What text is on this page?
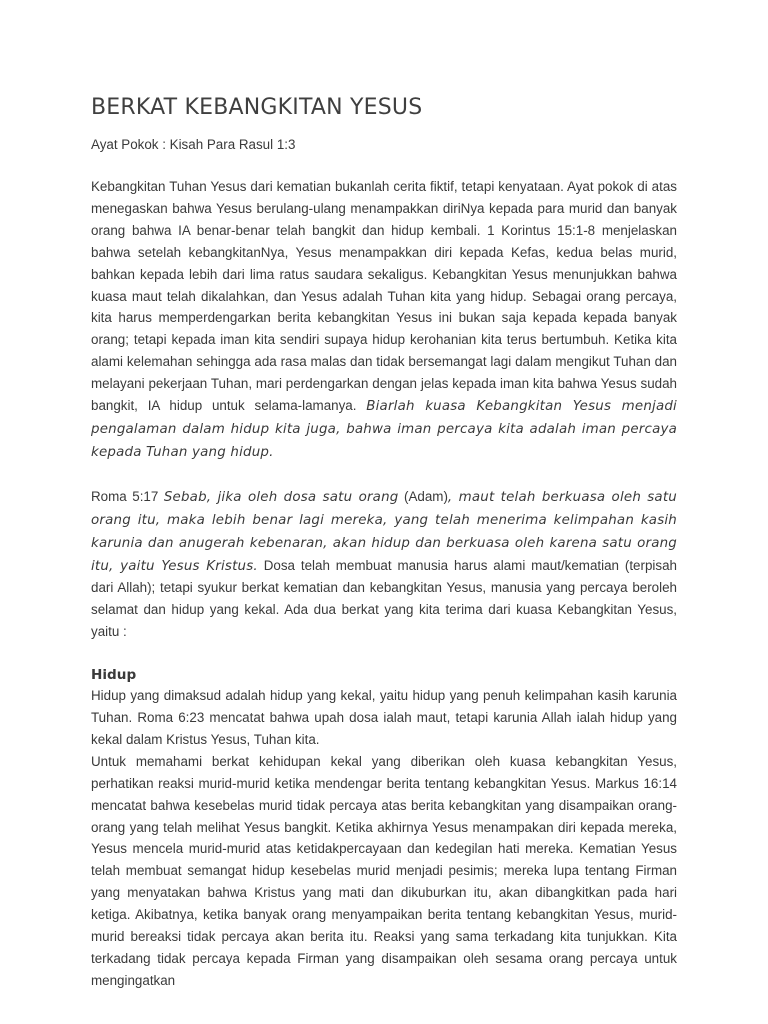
BERKAT KEBANGKITAN YESUS

Ayat Pokok : Kisah Para Rasul 1:3

Kebangkitan Tuhan Yesus dari kematian bukanlah cerita fiktif, tetapi kenyataan. Ayat pokok di atas menegaskan bahwa Yesus berulang-ulang menampakkan diriNya kepada para murid dan banyak orang bahwa IA benar-benar telah bangkit dan hidup kembali. 1 Korintus 15:1-8 menjelaskan bahwa setelah kebangkitanNya, Yesus menampakkan diri kepada Kefas, kedua belas murid, bahkan kepada lebih dari lima ratus saudara sekaligus. Kebangkitan Yesus menunjukkan bahwa kuasa maut telah dikalahkan, dan Yesus adalah Tuhan kita yang hidup. Sebagai orang percaya, kita harus memperdengarkan berita kebangkitan Yesus ini bukan saja kepada kepada banyak orang; tetapi kepada iman kita sendiri supaya hidup kerohanian kita terus bertumbuh. Ketika kita alami kelemahan sehingga ada rasa malas dan tidak bersemangat lagi dalam mengikut Tuhan dan melayani pekerjaan Tuhan, mari perdengarkan dengan jelas kepada iman kita bahwa Yesus sudah bangkit, IA hidup untuk selama-lamanya. Biarlah kuasa Kebangkitan Yesus menjadi pengalaman dalam hidup kita juga, bahwa iman percaya kita adalah iman percaya kepada Tuhan yang hidup.

Roma 5:17 Sebab, jika oleh dosa satu orang (Adam), maut telah berkuasa oleh satu orang itu, maka lebih benar lagi mereka, yang telah menerima kelimpahan kasih karunia dan anugerah kebenaran, akan hidup dan berkuasa oleh karena satu orang itu, yaitu Yesus Kristus. Dosa telah membuat manusia harus alami maut/kematian (terpisah dari Allah); tetapi syukur berkat kematian dan kebangkitan Yesus, manusia yang percaya beroleh selamat dan hidup yang kekal. Ada dua berkat yang kita terima dari kuasa Kebangkitan Yesus, yaitu :

Hidup

Hidup yang dimaksud adalah hidup yang kekal, yaitu hidup yang penuh kelimpahan kasih karunia Tuhan. Roma 6:23 mencatat bahwa upah dosa ialah maut, tetapi karunia Allah ialah hidup yang kekal dalam Kristus Yesus, Tuhan kita.

Untuk memahami berkat kehidupan kekal yang diberikan oleh kuasa kebangkitan Yesus, perhatikan reaksi murid-murid ketika mendengar berita tentang kebangkitan Yesus. Markus 16:14 mencatat bahwa kesebelas murid tidak percaya atas berita kebangkitan yang disampaikan orang-orang yang telah melihat Yesus bangkit. Ketika akhirnya Yesus menampakan diri kepada mereka, Yesus mencela murid-murid atas ketidakpercayaan dan kedegilan hati mereka. Kematian Yesus telah membuat semangat hidup kesebelas murid menjadi pesimis; mereka lupa tentang Firman yang menyatakan bahwa Kristus yang mati dan dikuburkan itu, akan dibangkitkan pada hari ketiga. Akibatnya, ketika banyak orang menyampaikan berita tentang kebangkitan Yesus, murid-murid bereaksi tidak percaya akan berita itu. Reaksi yang sama terkadang kita tunjukkan. Kita terkadang tidak percaya kepada Firman yang disampaikan oleh sesama orang percaya untuk mengingatkan
